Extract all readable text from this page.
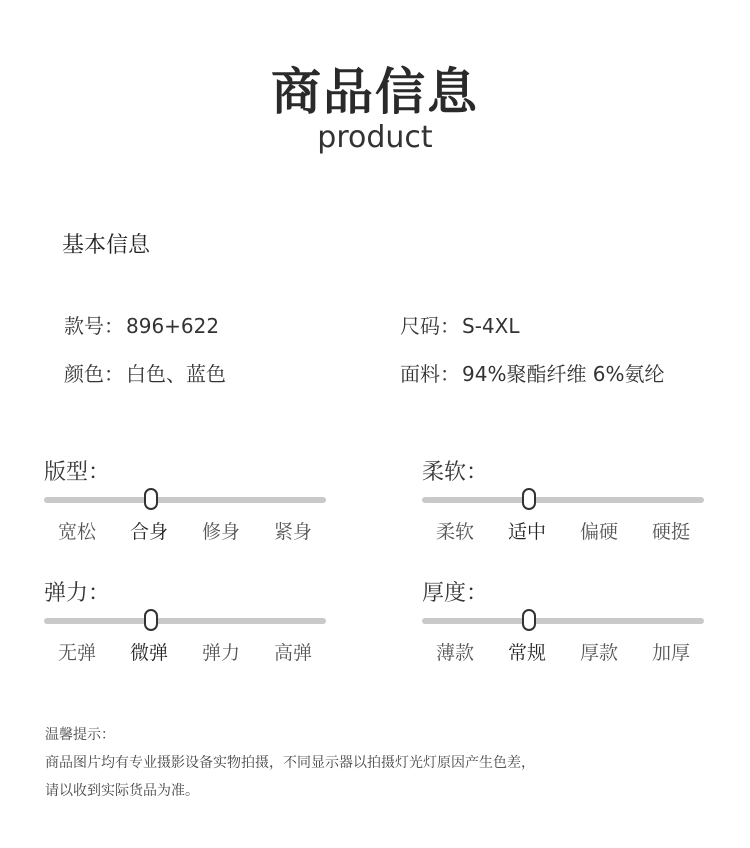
商品信息
product
基本信息
款号： 896+622	尺码： S-4XL
颜色： 白色、蓝色	面料： 94%聚酯纤维 6%氨纶
版型：
宽松	合身	修身	紧身
柔软：
柔软	适中	偏硬	硬挺
弹力：
无弹	微弹	弹力	高弹
厚度：
薄款	常规	厚款	加厚
温馨提示：
商品图片均有专业摄影设备实物拍摄，不同显示器以拍摄灯光灯原因产生色差，
请以收到实际货品为准。
